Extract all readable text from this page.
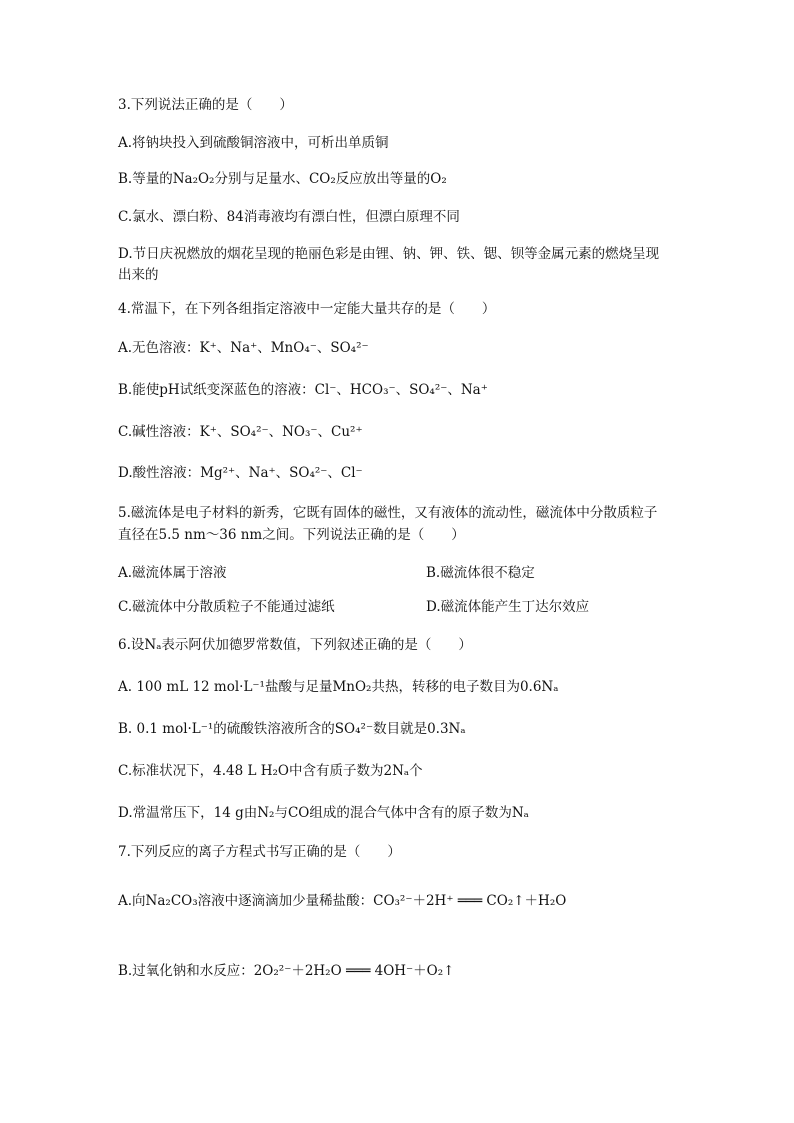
3.下列说法正确的是（　　）
A.将钠块投入到硫酸铜溶液中，可析出单质铜
B.等量的Na₂O₂分别与足量水、CO₂反应放出等量的O₂
C.氯水、漂白粉、84消毒液均有漂白性，但漂白原理不同
D.节日庆祝燃放的烟花呈现的艳丽色彩是由锂、钠、钾、铁、锶、钡等金属元素的燃烧呈现
出来的
4.常温下，在下列各组指定溶液中一定能大量共存的是（　　）
A.无色溶液：K⁺、Na⁺、MnO₄⁻、SO₄²⁻
B.能使pH试纸变深蓝色的溶液：Cl⁻、HCO₃⁻、SO₄²⁻、Na⁺
C.碱性溶液：K⁺、SO₄²⁻、NO₃⁻、Cu²⁺
D.酸性溶液：Mg²⁺、Na⁺、SO₄²⁻、Cl⁻
5.磁流体是电子材料的新秀，它既有固体的磁性，又有液体的流动性，磁流体中分散质粒子
直径在5.5 nm～36 nm之间。下列说法正确的是（　　）
A.磁流体属于溶液	B.磁流体很不稳定
C.磁流体中分散质粒子不能通过滤纸	D.磁流体能产生丁达尔效应
6.设Nₐ表示阿伏加德罗常数值，下列叙述正确的是（　　）
A. 100 mL 12 mol·L⁻¹盐酸与足量MnO₂共热，转移的电子数目为0.6Nₐ
B. 0.1 mol·L⁻¹的硫酸铁溶液所含的SO₄²⁻数目就是0.3Nₐ
C.标准状况下，4.48 L H₂O中含有质子数为2Nₐ个
D.常温常压下，14 g由N₂与CO组成的混合气体中含有的原子数为Nₐ
7.下列反应的离子方程式书写正确的是（　　）
A.向Na₂CO₃溶液中逐滴滴加少量稀盐酸：CO₃²⁻＋2H⁺ ═══ CO₂↑＋H₂O
B.过氧化钠和水反应：2O₂²⁻＋2H₂O ═══ 4OH⁻＋O₂↑
